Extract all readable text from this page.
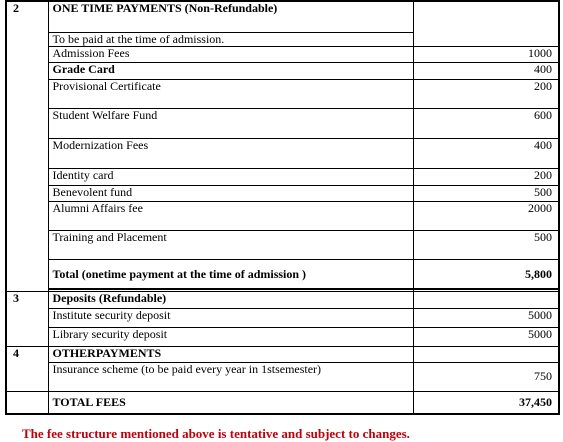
2	ONE TIME PAYMENTS (Non-Refundable)	
	To be paid at the time of admission.	
	Admission Fees	1000
	Grade Card	400
	Provisional Certificate	200
	Student Welfare Fund	600
	Modernization Fees	400
	Identity card	200
	Benevolent fund	500
	Alumni Affairs fee	2000
	Training and Placement	500
	Total (onetime payment at the time of admission )	5,800

3	Deposits (Refundable)	
	Institute security deposit	5000
	Library security deposit	5000
4	OTHERPAYMENTS	
	Insurance scheme (to be paid every year in 1stsemester)	750
	TOTAL FEES	37,450
The fee structure mentioned above is tentative and subject to changes.
